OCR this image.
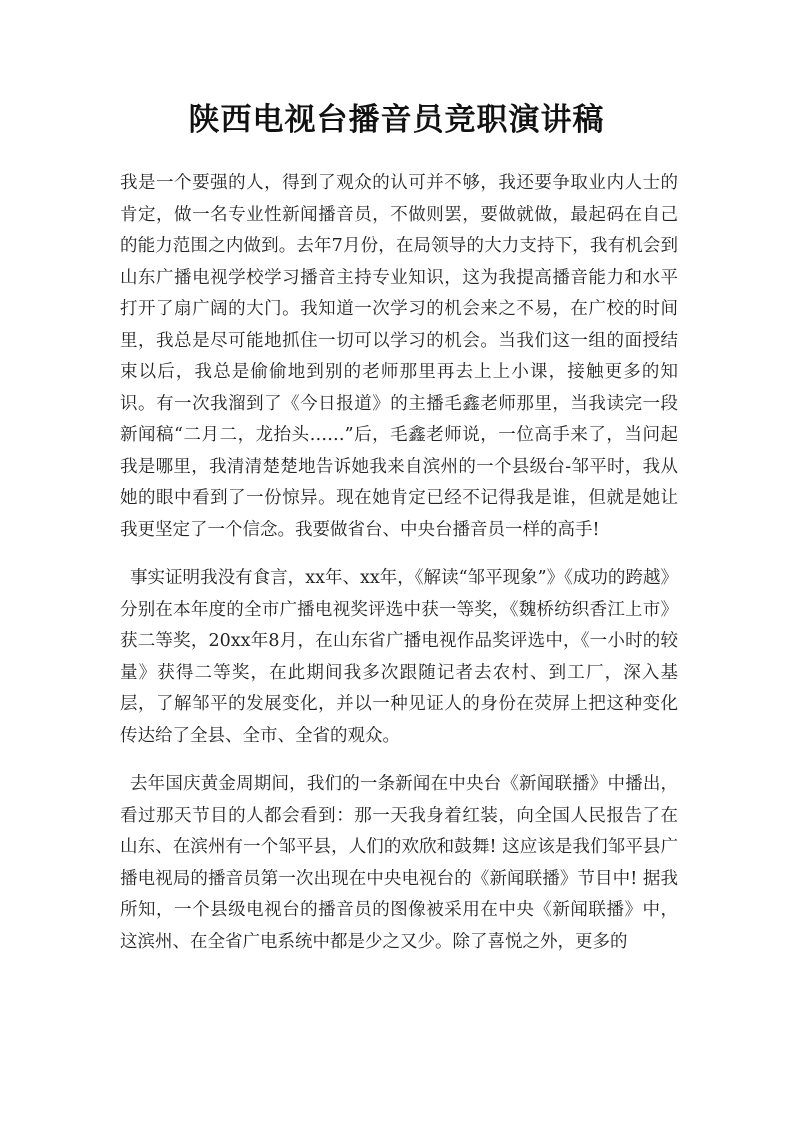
陕西电视台播音员竞职演讲稿

我是一个要强的人，得到了观众的认可并不够，我还要争取业内人士的肯定，做一名专业性新闻播音员，不做则罢，要做就做，最起码在自己的能力范围之内做到。去年7月份，在局领导的大力支持下，我有机会到山东广播电视学校学习播音主持专业知识，这为我提高播音能力和水平打开了扇广阔的大门。我知道一次学习的机会来之不易，在广校的时间里，我总是尽可能地抓住一切可以学习的机会。当我们这一组的面授结束以后，我总是偷偷地到别的老师那里再去上上小课，接触更多的知识。有一次我溜到了《今日报道》的主播毛鑫老师那里，当我读完一段新闻稿“二月二，龙抬头……”后，毛鑫老师说，一位高手来了，当问起我是哪里，我清清楚楚地告诉她我来自滨州的一个县级台-邹平时，我从她的眼中看到了一份惊异。现在她肯定已经不记得我是谁，但就是她让我更坚定了一个信念。我要做省台、中央台播音员一样的高手!

事实证明我没有食言，xx年、xx年，《解读“邹平现象”》《成功的跨越》分别在本年度的全市广播电视奖评选中获一等奖，《魏桥纺织香江上市》获二等奖，20xx年8月，在山东省广播电视作品奖评选中，《一小时的较量》获得二等奖，在此期间我多次跟随记者去农村、到工厂，深入基层，了解邹平的发展变化，并以一种见证人的身份在荧屏上把这种变化传达给了全县、全市、全省的观众。

去年国庆黄金周期间，我们的一条新闻在中央台《新闻联播》中播出，看过那天节目的人都会看到：那一天我身着红装，向全国人民报告了在山东、在滨州有一个邹平县，人们的欢欣和鼓舞! 这应该是我们邹平县广播电视局的播音员第一次出现在中央电视台的《新闻联播》节目中! 据我所知，一个县级电视台的播音员的图像被采用在中央《新闻联播》中，这滨州、在全省广电系统中都是少之又少。除了喜悦之外，更多的
